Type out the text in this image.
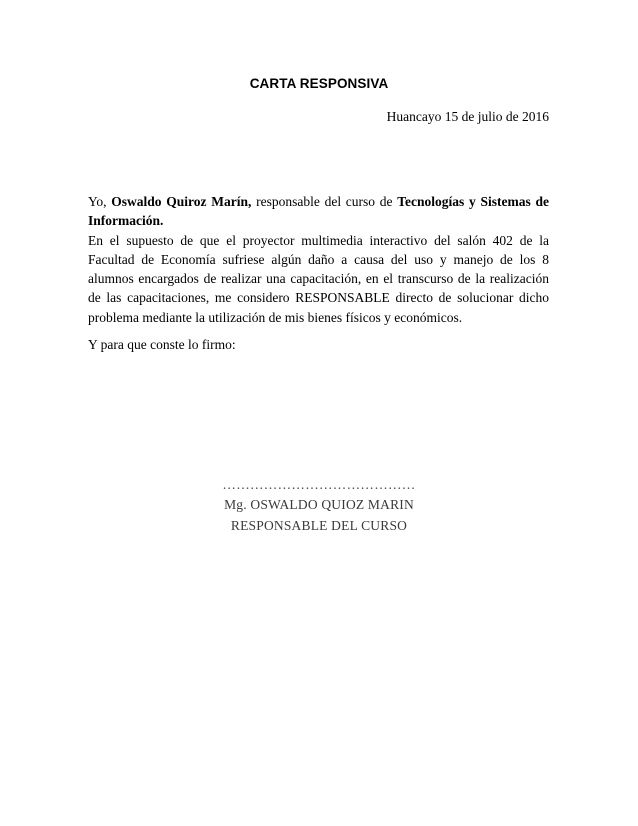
CARTA RESPONSIVA
Huancayo 15 de julio de 2016

Yo, Oswaldo Quiroz Marín, responsable del curso de Tecnologías y Sistemas de Información.

En el supuesto de que el proyector multimedia interactivo del salón 402 de la Facultad de Economía sufriese algún daño a causa del uso y manejo de los 8 alumnos encargados de realizar una capacitación, en el transcurso de la realización de las capacitaciones, me considero RESPONSABLE directo de solucionar dicho problema mediante la utilización de mis bienes físicos y económicos.

Y para que conste lo firmo:

……………………………………
Mg. OSWALDO QUIOZ MARIN
RESPONSABLE DEL CURSO
